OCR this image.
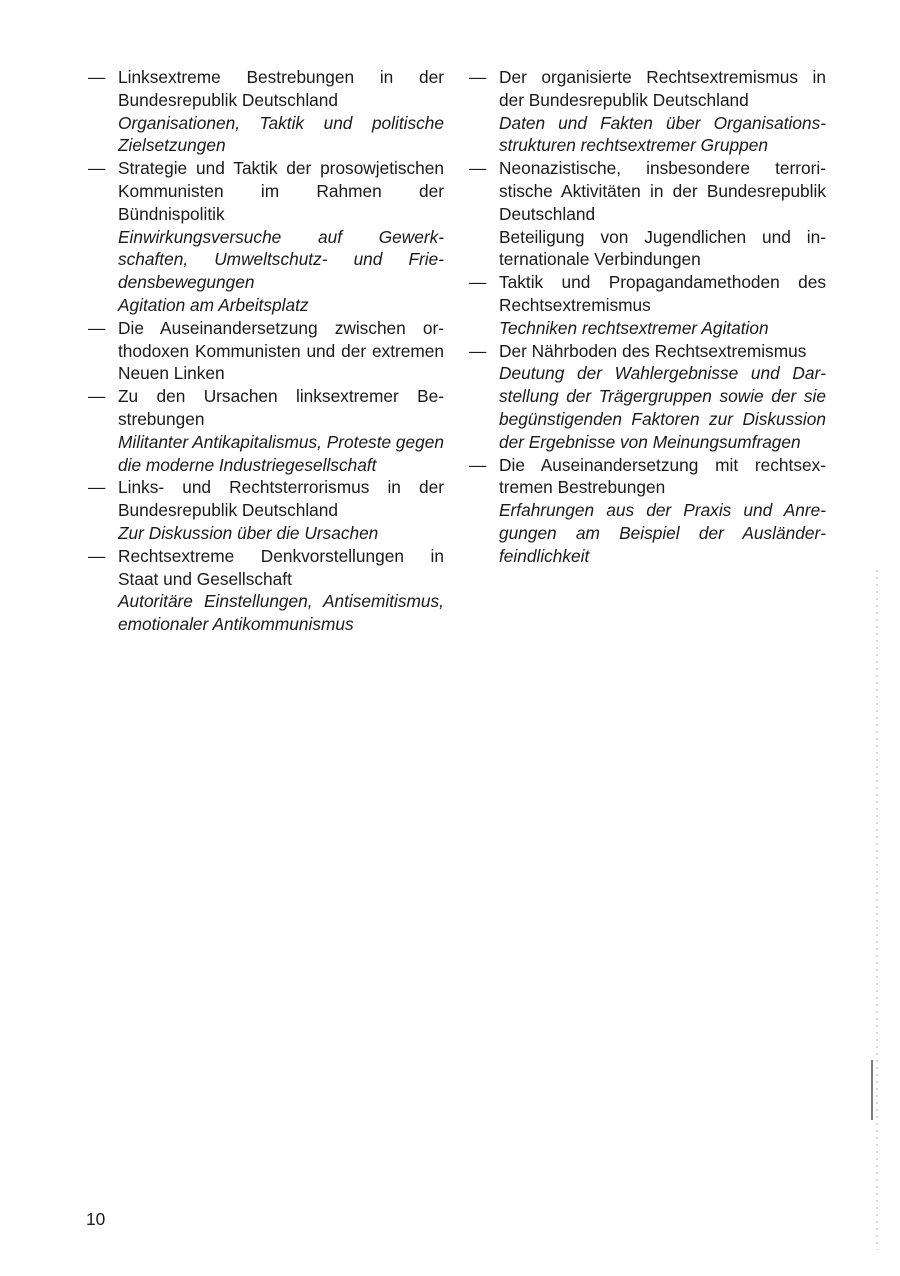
— Linksextreme Bestrebungen in der Bundesrepublik Deutschland
Organisationen, Taktik und politische Zielsetzungen
— Strategie und Taktik der prosowjetischen Kommunisten im Rahmen der Bündnispolitik
Einwirkungsversuche auf Gewerkschaften, Umweltschutz- und Friedensbewegungen
Agitation am Arbeitsplatz
— Die Auseinandersetzung zwischen orthodoxen Kommunisten und der extremen Neuen Linken
— Zu den Ursachen linksextremer Bestrebungen
Militanter Antikapitalismus, Proteste gegen die moderne Industriegesellschaft
— Links- und Rechtsterrorismus in der Bundesrepublik Deutschland
Zur Diskussion über die Ursachen
— Rechtsextreme Denkvorstellungen in Staat und Gesellschaft
Autoritäre Einstellungen, Antisemitismus, emotionaler Antikommunismus
— Der organisierte Rechtsextremismus in der Bundesrepublik Deutschland
Daten und Fakten über Organisationsstrukturen rechtsextremer Gruppen
— Neonazistische, insbesondere terroristische Aktivitäten in der Bundesrepublik Deutschland
Beteiligung von Jugendlichen und internationale Verbindungen
— Taktik und Propagandamethoden des Rechtsextremismus
Techniken rechtsextremer Agitation
— Der Nährboden des Rechtsextremismus
Deutung der Wahlergebnisse und Darstellung der Trägergruppen sowie der sie begünstigenden Faktoren zur Diskussion der Ergebnisse von Meinungsumfragen
— Die Auseinandersetzung mit rechtsextremen Bestrebungen
Erfahrungen aus der Praxis und Anregungen am Beispiel der Ausländerfeindlichkeit
10
